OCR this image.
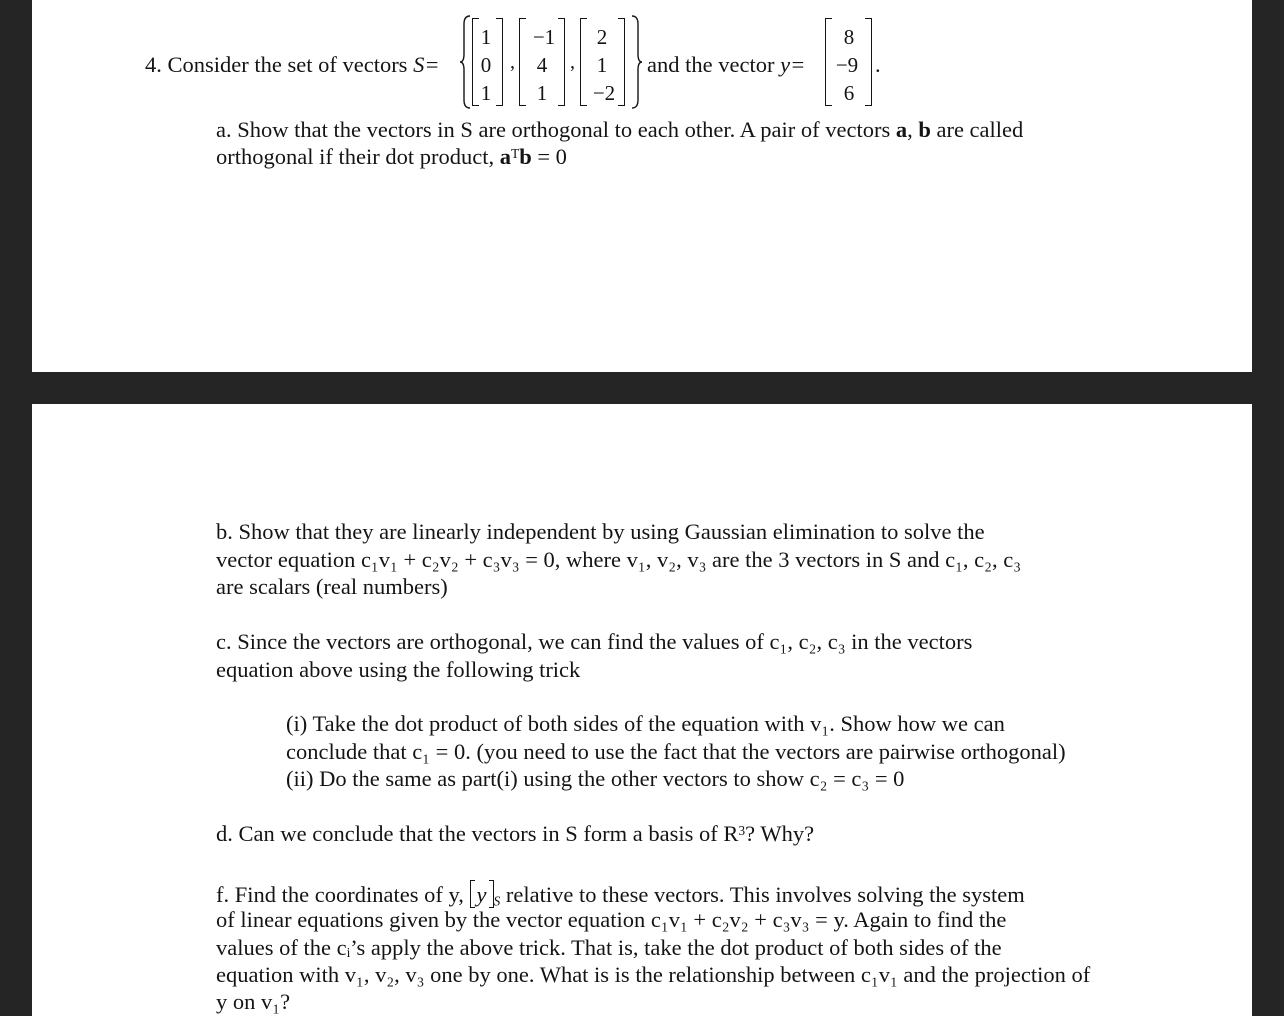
4. Consider the set of vectors S=
1
0
1
,
−1
4
1
,
2
1
−2
and the vector y=
8
−9
6
.
a. Show that the vectors in S are orthogonal to each other. A pair of vectors a, b are called
orthogonal if their dot product, $a^Tb = 0$
b. Show that they are linearly independent by using Gaussian elimination to solve the
vector equation c₁v₁ + c₂v₂ + c₃v₃ = 0, where v₁, v₂, v₃ are the 3 vectors in S and c₁, c₂, c₃
are scalars (real numbers)
c. Since the vectors are orthogonal, we can find the values of c₁, c₂, c₃ in the vectors
equation above using the following trick
(i) Take the dot product of both sides of the equation with v₁. Show how we can
conclude that c₁ = 0. (you need to use the fact that the vectors are pairwise orthogonal)
(ii) Do the same as part(i) using the other vectors to show c₂ = c₃ = 0
d. Can we conclude that the vectors in S form a basis of $R^3$? Why?
f. Find the coordinates of y, y $_S$ relative to these vectors. This involves solving the system
of linear equations given by the vector equation c₁v₁ + c₂v₂ + c₃v₃ = y. Again to find the
values of the cᵢ’s apply the above trick. That is, take the dot product of both sides of the
equation with v₁, v₂, v₃ one by one. What is is the relationship between c₁v₁ and the projection of
y on v₁?
